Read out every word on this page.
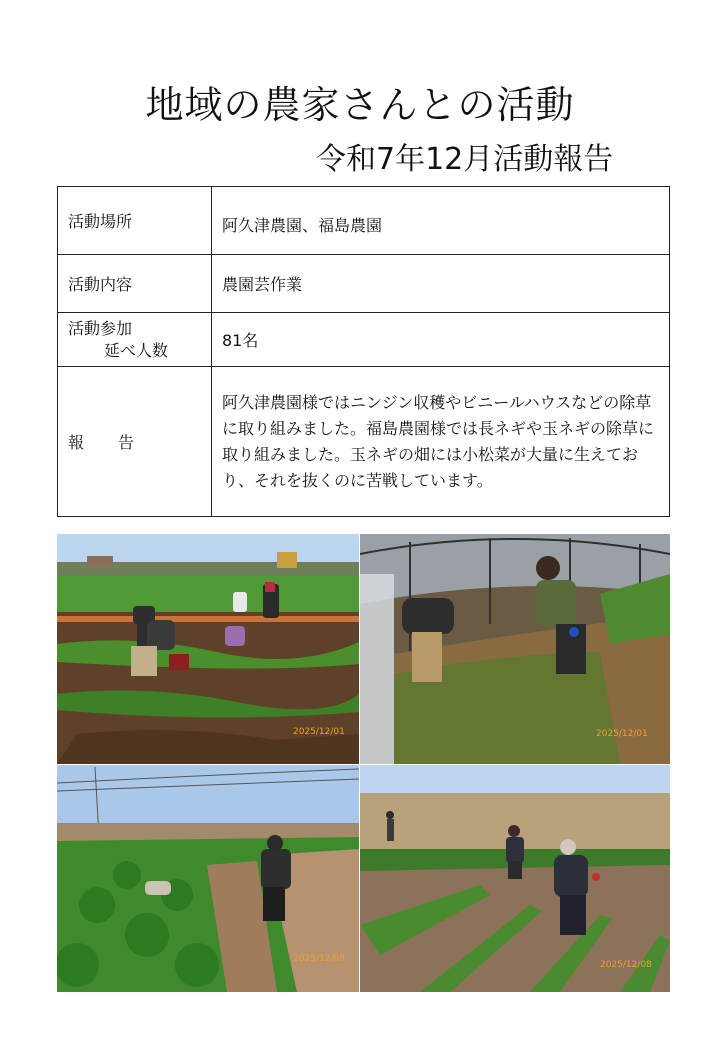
地域の農家さんとの活動
令和7年12月活動報告
活動場所	阿久津農園、福島農園
活動内容	農園芸作業

活動参加
延べ人数	81名
報告	阿久津農園様ではニンジン収穫やビニールハウスなどの除草に取り組みました。福島農園様では長ネギや玉ネギの除草に取り組みました。玉ネギの畑には小松菜が大量に生えており、それを抜くのに苦戦しています。
2025/12/01	2025/12/01
2025/12/08
2025/12/08
